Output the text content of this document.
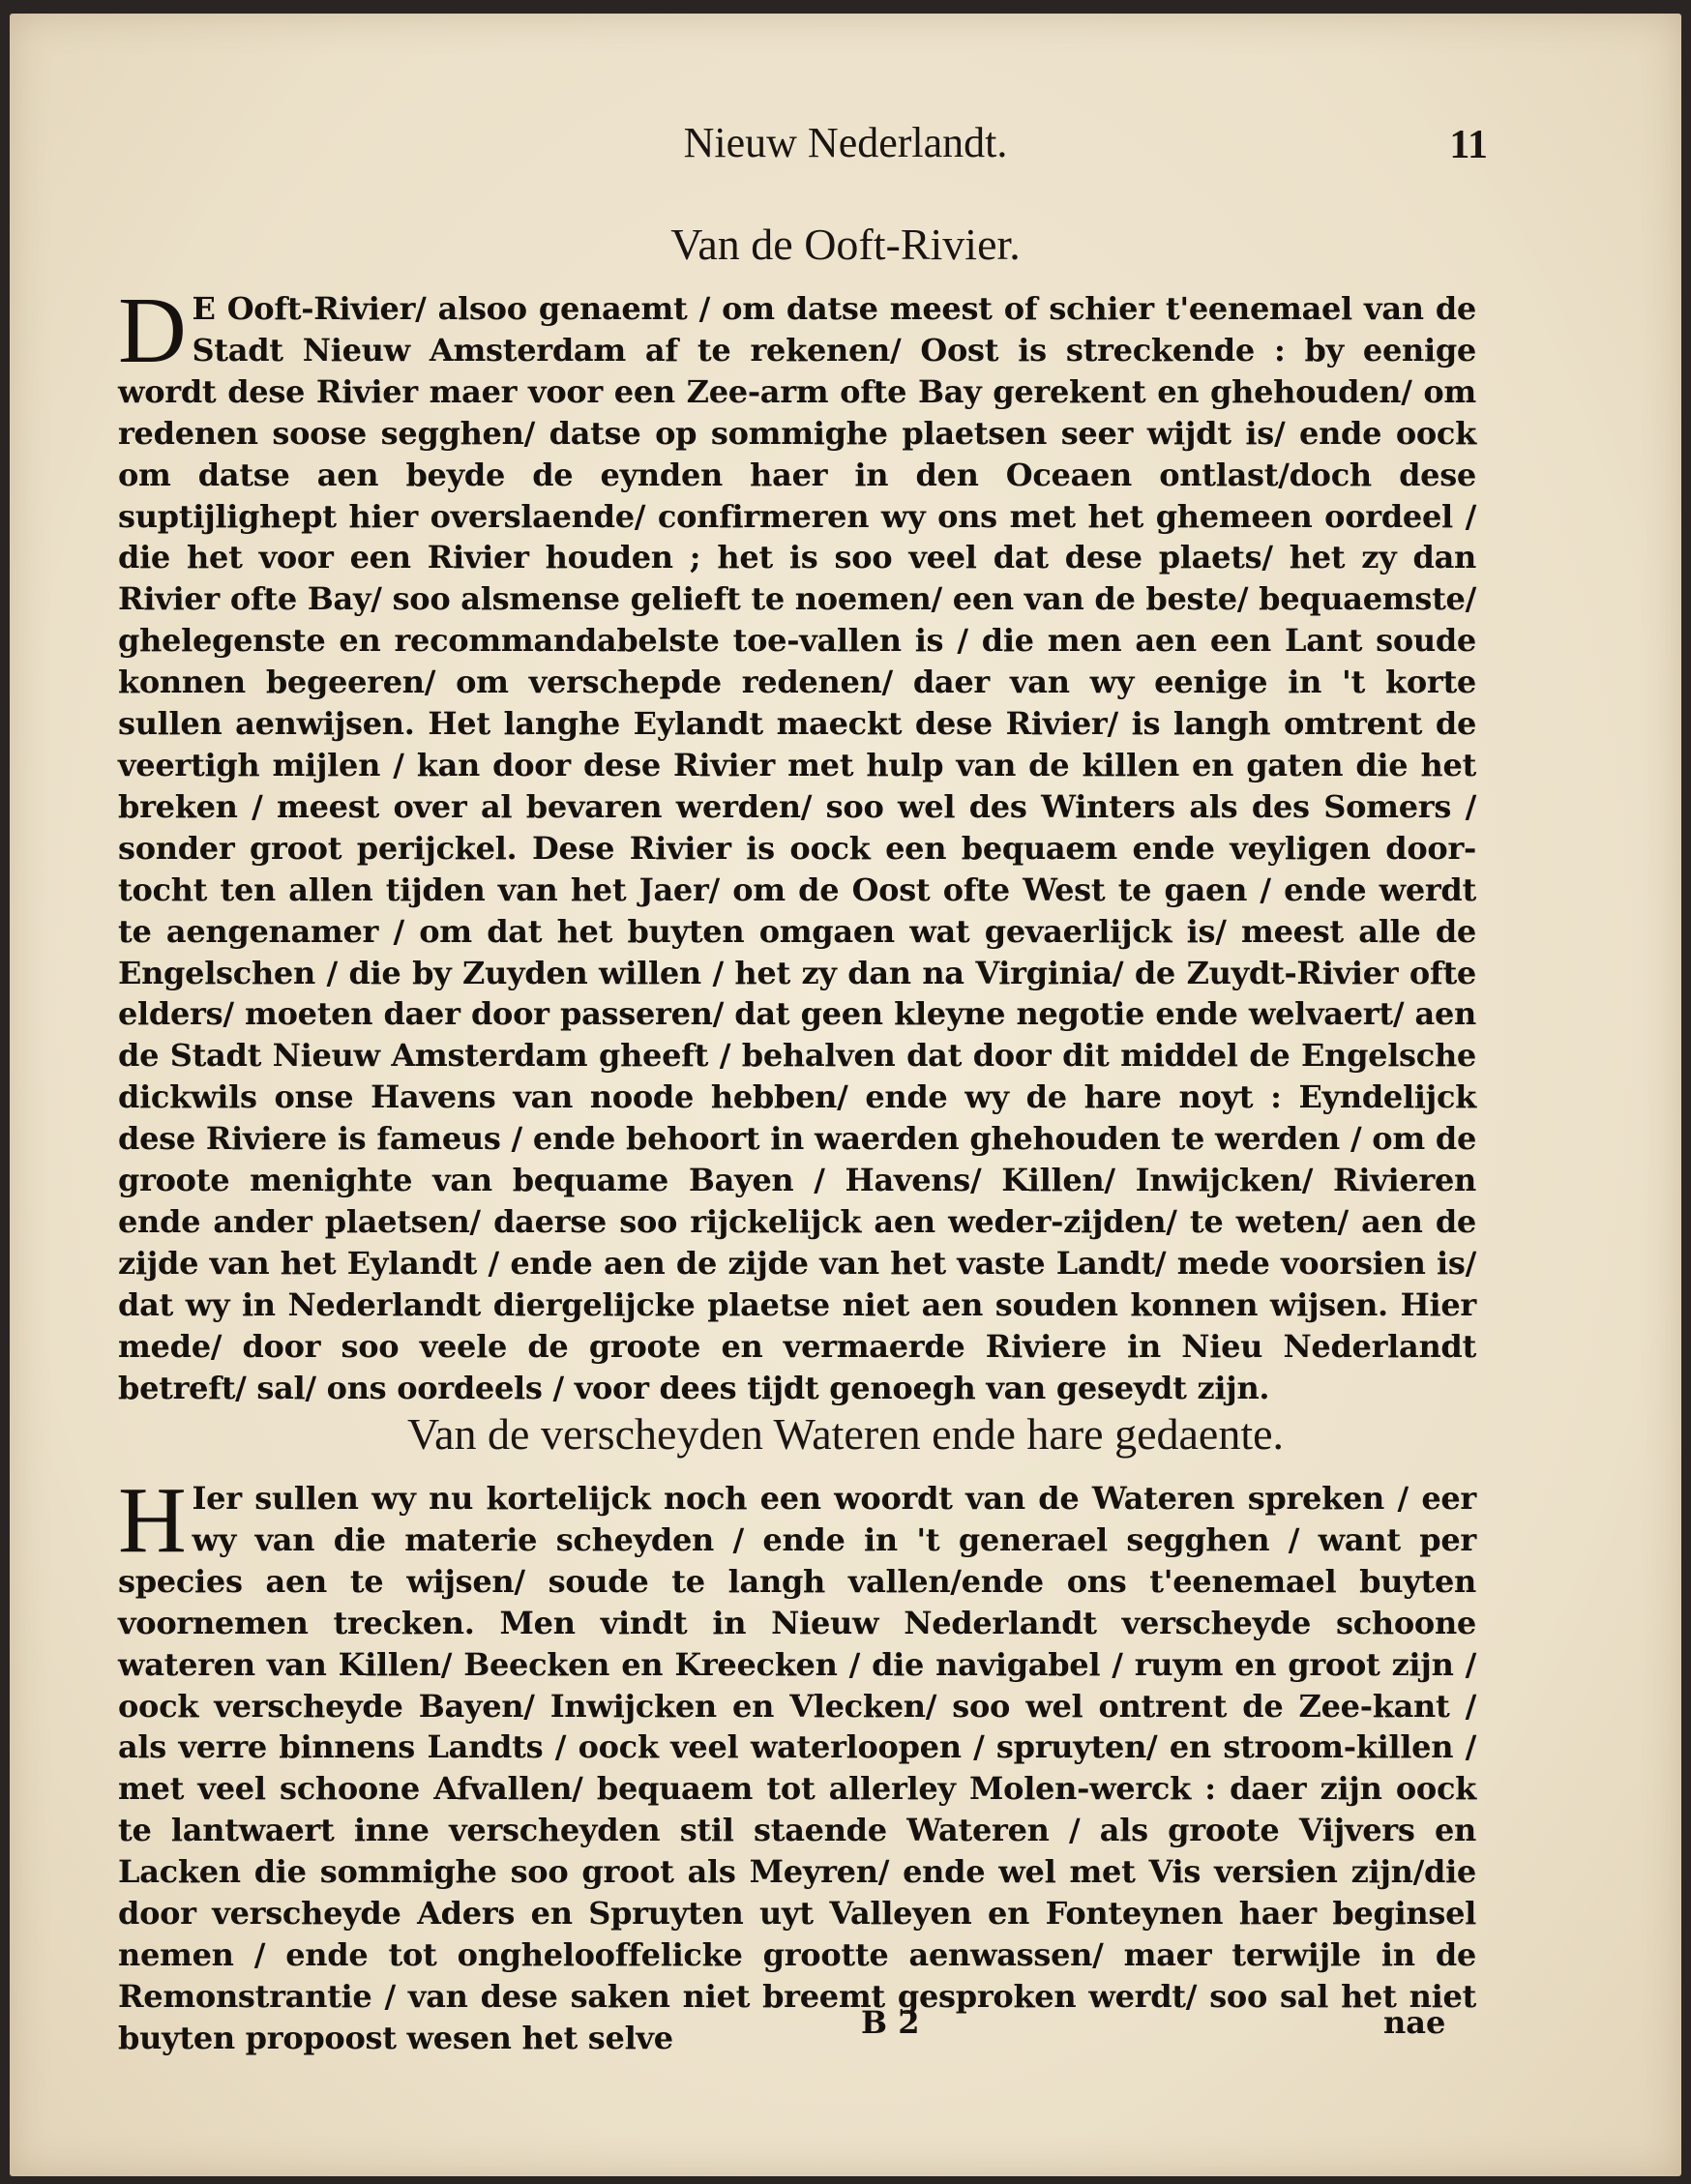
Nieuw Nederlandt.	11
Van de Ooft-Rivier.

D E Ooft-Rivier/ alsoo genaemt / om datse meest of schier t'eenemael van de Stadt Nieuw Amsterdam af te rekenen/ Oost is streckende : by eenige wordt dese Rivier maer voor een Zee-arm ofte Bay gerekent en ghehouden/ om redenen soose segghen/ datse op sommighe plaetsen seer wijdt is/ ende oock om datse aen beyde de eynden haer in den Oceaen ontlast/doch dese suptijlighept hier overslaende/ confirmeren wy ons met het ghemeen oordeel / die het voor een Rivier houden ; het is soo veel dat dese plaets/ het zy dan Rivier ofte Bay/ soo alsmense gelieft te noemen/ een van de beste/ bequaemste/ ghelegenste en recommandabelste toe-vallen is / die men aen een Lant soude konnen begeeren/ om verschepde redenen/ daer van wy eenige in 't korte sullen aenwijsen. Het langhe Eylandt maeckt dese Rivier/ is langh omtrent de veertigh mijlen / kan door dese Rivier met hulp van de killen en gaten die het breken / meest over al bevaren werden/ soo wel des Winters als des Somers / sonder groot perijckel. Dese Rivier is oock een bequaem ende veyligen door-tocht ten allen tijden van het Jaer/ om de Oost ofte West te gaen / ende werdt te aengenamer / om dat het buyten omgaen wat gevaerlijck is/ meest alle de Engelschen / die by Zuyden willen / het zy dan na Virginia/ de Zuydt-Rivier ofte elders/ moeten daer door passeren/ dat geen kleyne negotie ende welvaert/ aen de Stadt Nieuw Amsterdam gheeft / behalven dat door dit middel de Engelsche dickwils onse Havens van noode hebben/ ende wy de hare noyt : Eyndelijck dese Riviere is fameus / ende behoort in waerden ghehouden te werden / om de groote menighte van bequame Bayen / Havens/ Killen/ Inwijcken/ Rivieren ende ander plaetsen/ daerse soo rijckelijck aen weder-zijden/ te weten/ aen de zijde van het Eylandt / ende aen de zijde van het vaste Landt/ mede voorsien is/ dat wy in Nederlandt diergelijcke plaetse niet aen souden konnen wijsen. Hier mede/ door soo veele de groote en vermaerde Riviere in Nieu Nederlandt betreft/ sal/ ons oordeels / voor dees tijdt genoegh van geseydt zijn.

Van de verscheyden Wateren ende hare gedaente.

H Ier sullen wy nu kortelijck noch een woordt van de Wateren spreken / eer wy van die materie scheyden / ende in 't generael segghen / want per species aen te wijsen/ soude te langh vallen/ende ons t'eenemael buyten voornemen trecken. Men vindt in Nieuw Nederlandt verscheyde schoone wateren van Killen/ Beecken en Kreecken / die navigabel / ruym en groot zijn / oock verscheyde Bayen/ Inwijcken en Vlecken/ soo wel ontrent de Zee-kant / als verre binnens Landts / oock veel waterloopen / spruyten/ en stroom-killen / met veel schoone Afvallen/ bequaem tot allerley Molen-werck : daer zijn oock te lantwaert inne verscheyden stil staende Wateren / als groote Vijvers en Lacken die sommighe soo groot als Meyren/ ende wel met Vis versien zijn/die door verscheyde Aders en Spruyten uyt Valleyen en Fonteynen haer beginsel nemen / ende tot onghelooffelicke grootte aenwassen/ maer terwijle in de Remonstrantie / van dese saken niet breemt gesproken werdt/ soo sal het niet buyten propoost wesen het selve	B 2	nae
